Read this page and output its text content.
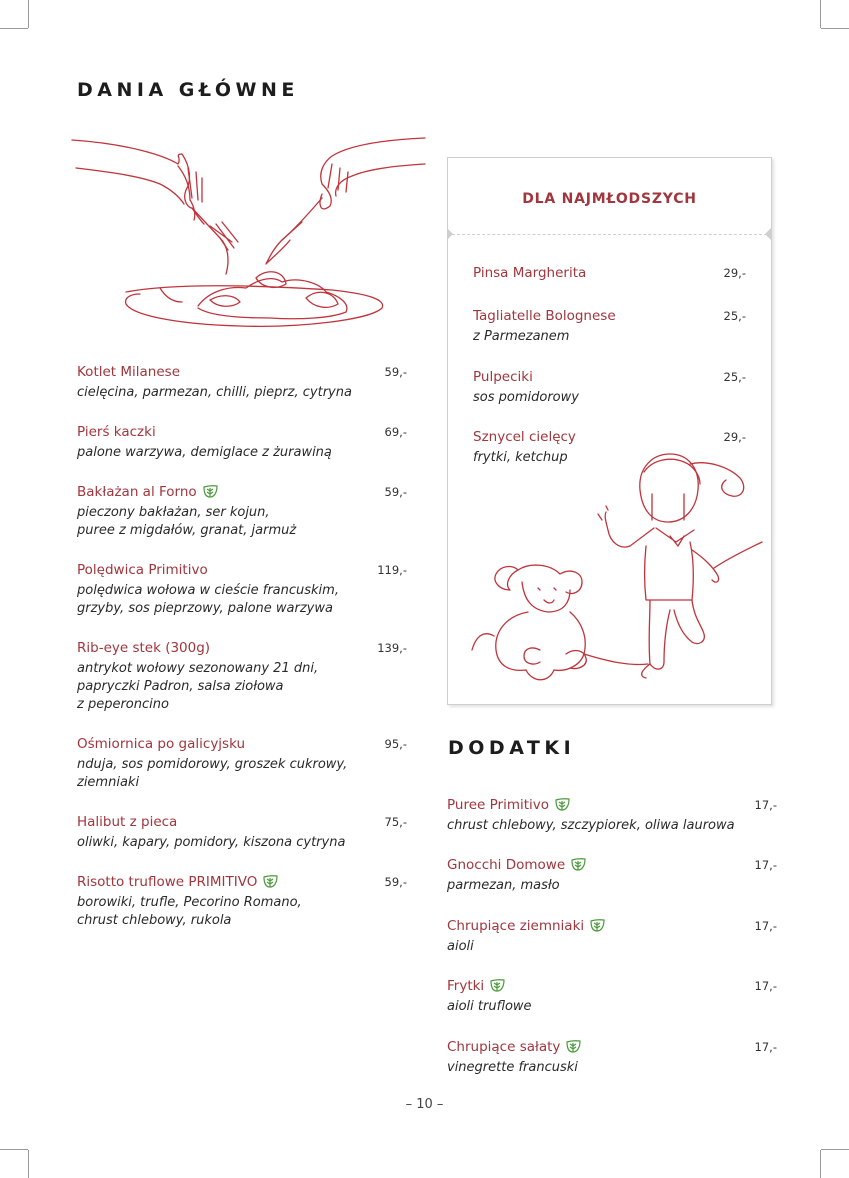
DANIA GŁÓWNE
Kotlet Milanese	59,-
cielęcina, parmezan, chilli, pieprz, cytryna
Pierś kaczki	69,-
palone warzywa, demiglace z żurawiną
Bakłażan al Forno	59,-
pieczony bakłażan, ser kojun,
puree z migdałów, granat, jarmuż
Polędwica Primitivo	119,-
polędwica wołowa w cieście francuskim,
grzyby, sos pieprzowy, palone warzywa
Rib-eye stek (300g)	139,-
antrykot wołowy sezonowany 21 dni,
papryczki Padron, salsa ziołowa
z peperoncino
Ośmiornica po galicyjsku	95,-
nduja, sos pomidorowy, groszek cukrowy,
ziemniaki
Halibut z pieca	75,-
oliwki, kapary, pomidory, kiszona cytryna
Risotto truflowe PRIMITIVO	59,-
borowiki, trufle, Pecorino Romano,
chrust chlebowy, rukola
DLA NAJMŁODSZYCH
Pinsa Margherita	29,-
Tagliatelle Bolognese	25,-
z Parmezanem
Pulpeciki	25,-
sos pomidorowy
Sznycel cielęcy	29,-
frytki, ketchup
DODATKI
Puree Primitivo	17,-
chrust chlebowy, szczypiorek, oliwa laurowa
Gnocchi Domowe	17,-
parmezan, masło
Chrupiące ziemniaki	17,-
aioli
Frytki	17,-
aioli truflowe
Chrupiące sałaty	17,-
vinegrette francuski
– 10 –
